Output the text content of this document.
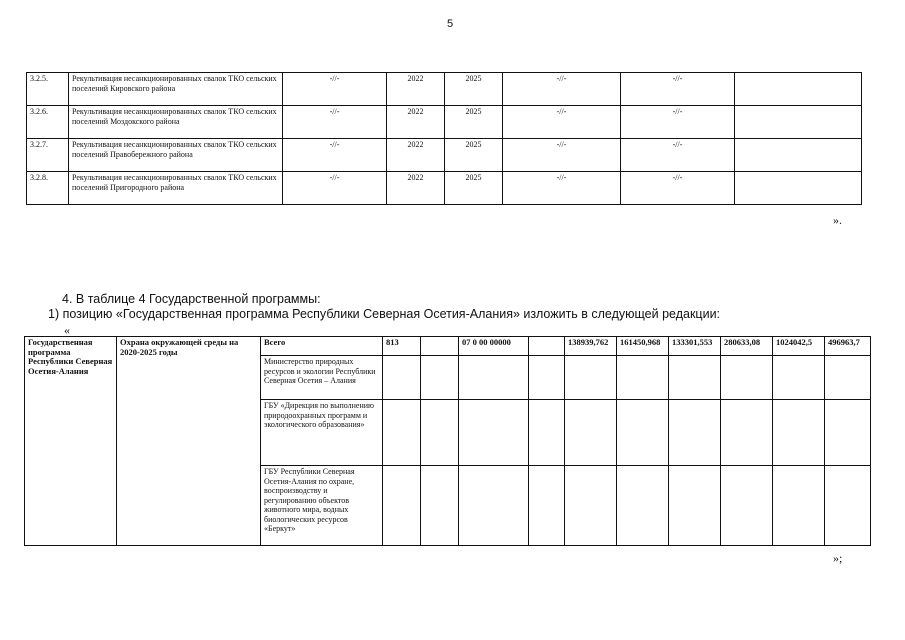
5
3.2.5.	Рекультивация несанкционированных свалок ТКО сельских поселений Кировского района	-//-	2022	2025	-//-	-//-	
3.2.6.	Рекультивация несанкционированных свалок ТКО сельских поселений Моздокского района	-//-	2022	2025	-//-	-//-	
3.2.7.	Рекультивация несанкционированных свалок ТКО сельских поселений Правобережного района	-//-	2022	2025	-//-	-//-	
3.2.8.	Рекультивация несанкционированных свалок ТКО сельских поселений Пригородного района	-//-	2022	2025	-//-	-//-	
».
4. В таблице 4 Государственной программы:
1) позицию «Государственная программа Республики Северная Осетия-Алания» изложить в следующей редакции:
«
Государственная программа Республики Северная Осетия-Алания	Охрана окружающей среды на 2020-2025 годы	Всего	813		07 0 00 00000		138939,762	161450,968	133301,553	280633,08	1024042,5	496963,7
		Министерство природных ресурсов и экологии Республики Северная Осетия – Алания										
		ГБУ «Дирекция по выполнению природоохранных программ и экологического образования»										
		ГБУ Республики Северная Осетия-Алания по охране, воспроизводству и регулированию объектов животного мира, водных биологических ресурсов «Беркут»										
»;
